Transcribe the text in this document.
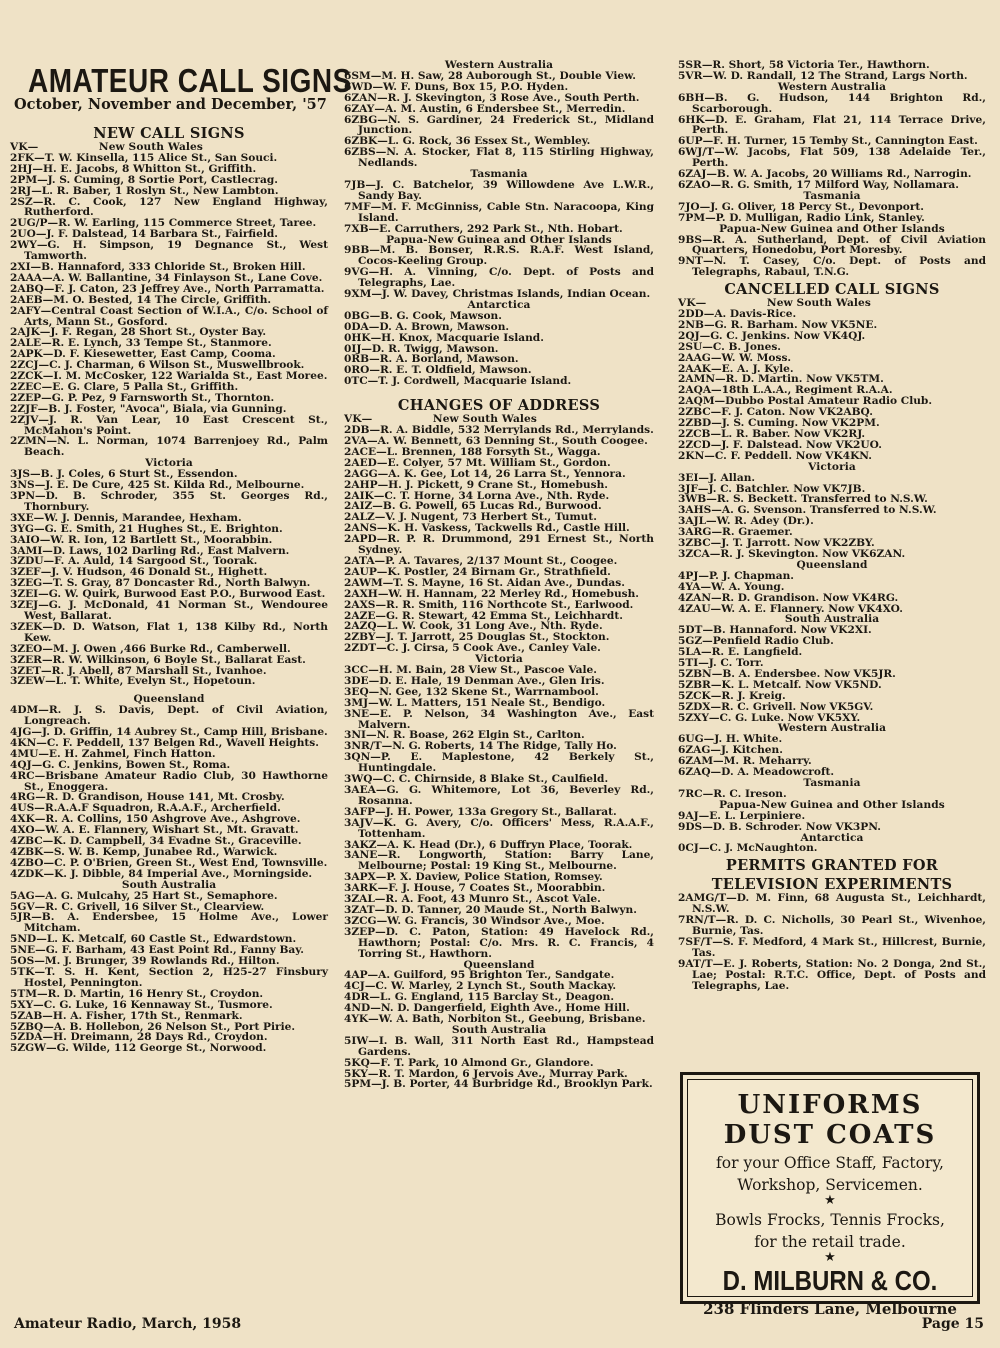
AMATEUR CALL SIGNS
October, November and December, '57
NEW CALL SIGNS
VK—                New South Wales
2FK—T. W. Kinsella, 115 Alice St., San Souci.
2HJ—H. E. Jacobs, 8 Whitton St., Griffith.
2PM—J. S. Cuming, 8 Sortie Port, Castlecrag.
2RJ—L. R. Baber, 1 Roslyn St., New Lambton.
2SZ—R. C. Cook, 127 New England Highway, Rutherford.
2UG/P—R. W. Earling, 115 Commerce Street, Taree.
2UO—J. F. Dalstead, 14 Barbara St., Fairfield.
2WY—G. H. Simpson, 19 Degnance St., West Tamworth.
2XI—B. Hannaford, 333 Chloride St., Broken Hill.
2AAA—A. W. Ballantine, 34 Finlayson St., Lane Cove.
2ABQ—F. J. Caton, 23 Jeffrey Ave., North Parramatta.
2AEB—M. O. Bested, 14 The Circle, Griffith.
2AFY—Central Coast Section of W.I.A., C/o. School of Arts, Mann St., Gosford.
2AJK—J. F. Regan, 28 Short St., Oyster Bay.
2ALE—R. E. Lynch, 33 Tempe St., Stanmore.
2APK—D. F. Kiesewetter, East Camp, Cooma.
2ZCJ—C. J. Charman, 6 Wilson St., Muswellbrook.
2ZCK—I. M. McCosker, 122 Warialda St., East Moree.
2ZEC—E. G. Clare, 5 Palla St., Griffith.
2ZEP—G. P. Pez, 9 Farnsworth St., Thornton.
2ZJF—B. J. Foster, "Avoca", Biala, via Gunning.
2ZJV—J. R. Van Lear, 10 East Crescent St., McMahon's Point.
2ZMN—N. L. Norman, 1074 Barrenjoey Rd., Palm Beach.
Victoria
3JS—B. J. Coles, 6 Sturt St., Essendon.
3NS—J. E. De Cure, 425 St. Kilda Rd., Melbourne.
3PN—D. B. Schroder, 355 St. Georges Rd., Thornbury.
3XE—W. J. Dennis, Marandee, Hexham.
3YG—G. E. Smith, 21 Hughes St., E. Brighton.
3AIO—W. R. Ion, 12 Bartlett St., Moorabbin.
3AMI—D. Laws, 102 Darling Rd., East Malvern.
3ZDU—F. A. Auld, 14 Sargood St., Toorak.
3ZEF—J. V. Hudson, 46 Donald St., Highett.
3ZEG—T. S. Gray, 87 Doncaster Rd., North Balwyn.
3ZEI—G. W. Quirk, Burwood East P.O., Burwood East.
3ZEJ—G. J. McDonald, 41 Norman St., Wendouree West, Ballarat.
3ZEK—D. D. Watson, Flat 1, 138 Kilby Rd., North Kew.
3ZEO—M. J. Owen ,466 Burke Rd., Camberwell.
3ZER—R. W. Wilkinson, 6 Boyle St., Ballarat East.
3ZET—R. J. Abell, 87 Marshall St., Ivanhoe.
3ZEW—L. T. White, Evelyn St., Hopetoun.
Queensland
4DM—R. J. S. Davis, Dept. of Civil Aviation, Longreach.
4JG—J. D. Griffin, 14 Aubrey St., Camp Hill, Brisbane.
4KN—C. F. Peddell, 137 Belgen Rd., Wavell Heights.
4MU—E. H. Zahmel, Finch Hatton.
4QJ—G. C. Jenkins, Bowen St., Roma.
4RC—Brisbane Amateur Radio Club, 30 Hawthorne St., Enoggera.
4RG—R. D. Grandison, House 141, Mt. Crosby.
4US—R.A.A.F Squadron, R.A.A.F., Archerfield.
4XK—R. A. Collins, 150 Ashgrove Ave., Ashgrove.
4XO—W. A. E. Flannery, Wishart St., Mt. Gravatt.
4ZBC—K. D. Campbell, 34 Evadne St., Graceville.
4ZBK—S. W. B. Kemp, Junabee Rd., Warwick.
4ZBO—C. P. O'Brien, Green St., West End, Townsville.
4ZDK—K. J. Dibble, 84 Imperial Ave., Morningside.
South Australia
5AG—A. G. Mulcahy, 25 Hart St., Semaphore.
5GV—R. C. Grivell, 16 Silver St., Clearview.
5JR—B. A. Endersbee, 15 Holme Ave., Lower Mitcham.
5ND—L. K. Metcalf, 60 Castle St., Edwardstown.
5NE—G. F. Barham, 43 East Point Rd., Fanny Bay.
5OS—M. J. Brunger, 39 Rowlands Rd., Hilton.
5TK—T. S. H. Kent, Section 2, H25-27 Finsbury Hostel, Pennington.
5TM—R. D. Martin, 16 Henry St., Croydon.
5XY—C. G. Luke, 16 Kennaway St., Tusmore.
5ZAB—H. A. Fisher, 17th St., Renmark.
5ZBQ—A. B. Hollebon, 26 Nelson St., Port Pirie.
5ZDA—H. Dreimann, 28 Days Rd., Croydon.
5ZGW—G. Wilde, 112 George St., Norwood.
Western Australia
6SM—M. H. Saw, 28 Auborough St., Double View.
6WD—W. F. Duns, Box 15, P.O. Hyden.
6ZAN—R. J. Skevington, 3 Rose Ave., South Perth.
6ZAY—A. M. Austin, 6 Endersbee St., Merredin.
6ZBG—N. S. Gardiner, 24 Frederick St., Midland Junction.
6ZBK—L. G. Rock, 36 Essex St., Wembley.
6ZBS—N. A. Stocker, Flat 8, 115 Stirling Highway, Nedlands.
Tasmania
7JB—J. C. Batchelor, 39 Willowdene Ave L.W.R., Sandy Bay.
7MF—M. F. McGinniss, Cable Stn. Naracoopa, King Island.
7XB—E. Carruthers, 292 Park St., Nth. Hobart.
Papua-New Guinea and Other Islands
9BB—M. B. Bonser, R.R.S. R.A.F. West Island, Cocos-Keeling Group.
9VG—H. A. Vinning, C/o. Dept. of Posts and Telegraphs, Lae.
9XM—J. W. Davey, Christmas Islands, Indian Ocean.
Antarctica
0BG—B. G. Cook, Mawson.
0DA—D. A. Brown, Mawson.
0HK—H. Knox, Macquarie Island.
0IJ—D. R. Twigg, Mawson.
0RB—R. A. Borland, Mawson.
0RO—R. E. T. Oldfield, Mawson.
0TC—T. J. Cordwell, Macquarie Island.
CHANGES OF ADDRESS
VK—                New South Wales
2DB—R. A. Biddle, 532 Merrylands Rd., Merrylands.
2VA—A. W. Bennett, 63 Denning St., South Coogee.
2ACE—L. Brennen, 188 Forsyth St., Wagga.
2AED—E. Colyer, 57 Mt. William St., Gordon.
2AGG—A. K. Gee, Lot 14, 26 Larra St., Yennora.
2AHP—H. J. Pickett, 9 Crane St., Homebush.
2AIK—C. T. Horne, 34 Lorna Ave., Nth. Ryde.
2AIZ—B. G. Powell, 65 Lucas Rd., Burwood.
2ALZ—V. J. Nugent, 73 Herbert St., Tumut.
2ANS—K. H. Vaskess, Tackwells Rd., Castle Hill.
2APD—R. P. R. Drummond, 291 Ernest St., North Sydney.
2ATA—P. A. Tavares, 2/137 Mount St., Coogee.
2AUP—K. Postler, 24 Birnam Gr., Strathfield.
2AWM—T. S. Mayne, 16 St. Aidan Ave., Dundas.
2AXH—W. H. Hannam, 22 Merley Rd., Homebush.
2AXS—R. R. Smith, 116 Northcote St., Earlwood.
2AZE—G. R. Stewart, 42 Emma St., Leichhardt.
2AZQ—L. W. Cook, 31 Long Ave., Nth. Ryde.
2ZBY—J. T. Jarrott, 25 Douglas St., Stockton.
2ZDT—C. J. Cirsa, 5 Cook Ave., Canley Vale.
Victoria
3CC—H. M. Bain, 28 View St., Pascoe Vale.
3DE—D. E. Hale, 19 Denman Ave., Glen Iris.
3EQ—N. Gee, 132 Skene St., Warrnambool.
3MJ—W. L. Matters, 151 Neale St., Bendigo.
3NE—E. P. Nelson, 34 Washington Ave., East Malvern.
3NI—N. R. Boase, 262 Elgin St., Carlton.
3NR/T—N. G. Roberts, 14 The Ridge, Tally Ho.
3QN—P. E. Maplestone, 42 Berkely St., Huntingdale.
3WQ—C. C. Chirnside, 8 Blake St., Caulfield.
3AEA—G. G. Whitemore, Lot 36, Beverley Rd., Rosanna.
3AFP—J. H. Power, 133a Gregory St., Ballarat.
3AJV—K. G. Avery, C/o. Officers' Mess, R.A.A.F., Tottenham.
3AKZ—A. K. Head (Dr.), 6 Duffryn Place, Toorak.
3ANE—R. Longworth, Station: Barry Lane, Melbourne; Postal: 19 King St., Melbourne.
3APX—P. X. Daview, Police Station, Romsey.
3ARK—F. J. House, 7 Coates St., Moorabbin.
3ZAL—R. A. Foot, 43 Munro St., Ascot Vale.
3ZAT—D. D. Tanner, 20 Maude St., North Balwyn.
3ZCG—W. G. Francis, 30 Windsor Ave., Moe.
3ZEP—D. C. Paton, Station: 49 Havelock Rd., Hawthorn; Postal: C/o. Mrs. R. C. Francis, 4 Torring St., Hawthorn.
Queensland
4AP—A. Guilford, 95 Brighton Ter., Sandgate.
4CJ—C. W. Marley, 2 Lynch St., South Mackay.
4DR—L. G. England, 115 Barclay St., Deagon.
4ND—N. D. Dangerfield, Eighth Ave., Home Hill.
4YK—W. A. Bath, Norbiton St., Geebung, Brisbane.
South Australia
5IW—I. B. Wall, 311 North East Rd., Hampstead Gardens.
5KQ—F. T. Park, 10 Almond Gr., Glandore.
5KY—R. T. Mardon, 6 Jervois Ave., Murray Park.
5PM—J. B. Porter, 44 Burbridge Rd., Brooklyn Park.
5SR—R. Short, 58 Victoria Ter., Hawthorn.
5VR—W. D. Randall, 12 The Strand, Largs North.
Western Australia
6BH—B. G. Hudson, 144 Brighton Rd., Scarborough.
6HK—D. E. Graham, Flat 21, 114 Terrace Drive, Perth.
6UP—F. H. Turner, 15 Temby St., Cannington East.
6WJ/T—W. Jacobs, Flat 509, 138 Adelaide Ter., Perth.
6ZAJ—B. W. A. Jacobs, 20 Williams Rd., Narrogin.
6ZAO—R. G. Smith, 17 Milford Way, Nollamara.
Tasmania
7JO—J. G. Oliver, 18 Percy St., Devonport.
7PM—P. D. Mulligan, Radio Link, Stanley.
Papua-New Guinea and Other Islands
9BS—R. A. Sutherland, Dept. of Civil Aviation Quarters, Honedobu, Port Moresby.
9NT—N. T. Casey, C/o. Dept. of Posts and Telegraphs, Rabaul, T.N.G.
CANCELLED CALL SIGNS
VK—                New South Wales
2DD—A. Davis-Rice.
2NB—G. R. Barham. Now VK5NE.
2QJ—G. C. Jenkins. Now VK4QJ.
2SU—C. B. Jones.
2AAG—W. W. Moss.
2AAK—E. A. J. Kyle.
2AMN—R. D. Martin. Now VK5TM.
2AQA—18th L.A.A., Regiment R.A.A.
2AQM—Dubbo Postal Amateur Radio Club.
2ZBC—F. J. Caton. Now VK2ABQ.
2ZBD—J. S. Cuming. Now VK2PM.
2ZCB—L. R. Baber. Now VK2RJ.
2ZCD—J. F. Dalstead. Now VK2UO.
2KN—C. F. Peddell. Now VK4KN.
Victoria
3EI—J. Allan.
3JF—J. C. Batchler. Now VK7JB.
3WB—R. S. Beckett. Transferred to N.S.W.
3AHS—A. G. Svenson. Transferred to N.S.W.
3AJL—W. R. Adey (Dr.).
3ARG—R. Graemer.
3ZBC—J. T. Jarrott. Now VK2ZBY.
3ZCA—R. J. Skevington. Now VK6ZAN.
Queensland
4PJ—P. J. Chapman.
4YA—W. A. Young.
4ZAN—R. D. Grandison. Now VK4RG.
4ZAU—W. A. E. Flannery. Now VK4XO.
South Australia
5DT—B. Hannaford. Now VK2XI.
5GZ—Penfield Radio Club.
5LA—R. E. Langfield.
5TI—J. C. Torr.
5ZBN—B. A. Endersbee. Now VK5JR.
5ZBR—K. L. Metcalf. Now VK5ND.
5ZCK—R. J. Kreig.
5ZDX—R. C. Grivell. Now VK5GV.
5ZXY—C. G. Luke. Now VK5XY.
Western Australia
6UG—J. H. White.
6ZAG—J. Kitchen.
6ZAM—M. R. Meharry.
6ZAQ—D. A. Meadowcroft.
Tasmania
7RC—R. C. Ireson.
Papua-New Guinea and Other Islands
9AJ—E. L. Lerpiniere.
9DS—D. B. Schroder. Now VK3PN.
Antarctica
0CJ—C. J. McNaughton.
PERMITS GRANTED FOR
TELEVISION EXPERIMENTS
2AMG/T—D. M. Finn, 68 Augusta St., Leichhardt, N.S.W.
7RN/T—R. D. C. Nicholls, 30 Pearl St., Wivenhoe, Burnie, Tas.
7SF/T—S. F. Medford, 4 Mark St., Hillcrest, Burnie, Tas.
9AT/T—E. J. Roberts, Station: No. 2 Donga, 2nd St., Lae; Postal: R.T.C. Office, Dept. of Posts and Telegraphs, Lae.
UNIFORMS
DUST COATS
for your Office Staff, Factory,
Workshop, Servicemen.
★
Bowls Frocks, Tennis Frocks,
for the retail trade.
★
D. MILBURN & CO.
238 Flinders Lane, Melbourne
Amateur Radio, March, 1958	Page 15
